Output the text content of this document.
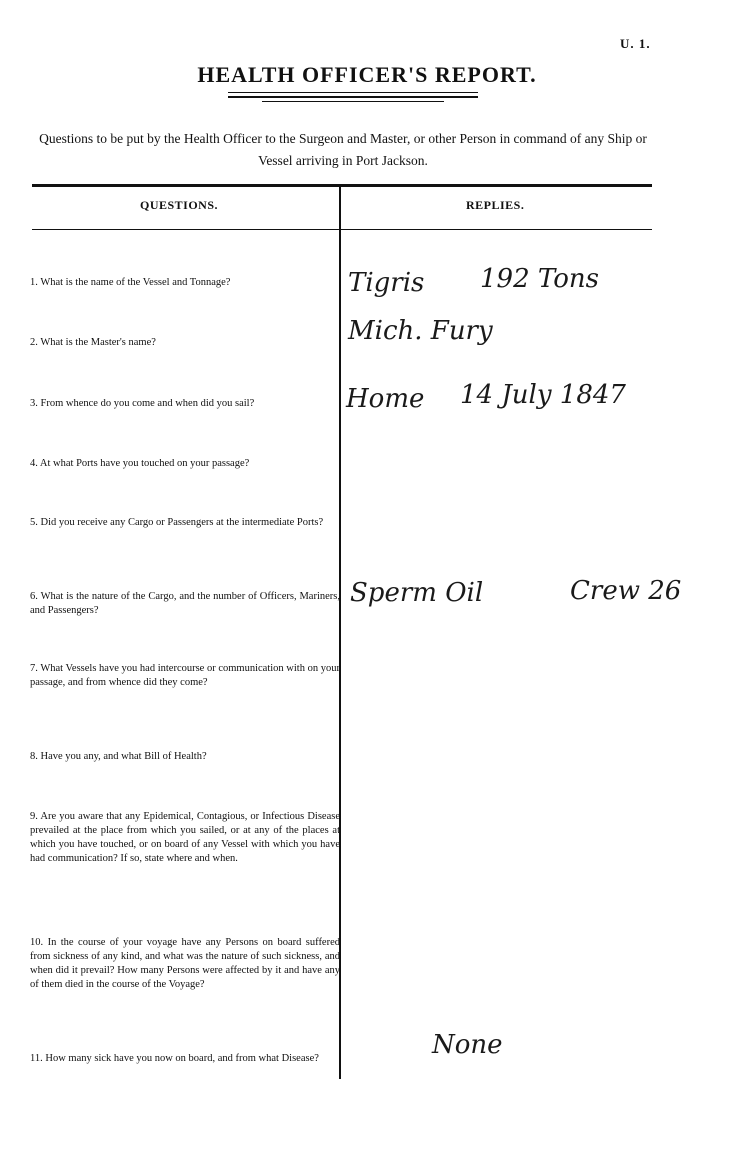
U. 1.
HEALTH OFFICER'S REPORT.
Questions to be put by the Health Officer to the Surgeon and Master, or other Person in command of any Ship or Vessel arriving in Port Jackson.
QUESTIONS.	REPLIES.
1. What is the name of the Vessel and Tonnage?
2. What is the Master's name?
3. From whence do you come and when did you sail?
4. At what Ports have you touched on your passage?
5. Did you receive any Cargo or Passengers at the intermediate Ports?
6. What is the nature of the Cargo, and the number of Officers, Mariners, and Passengers?
7. What Vessels have you had intercourse or communication with on your passage, and from whence did they come?
8. Have you any, and what Bill of Health?
9. Are you aware that any Epidemical, Contagious, or Infectious Disease prevailed at the place from which you sailed, or at any of the places at which you have touched, or on board of any Vessel with which you have had communication? If so, state where and when.
10. In the course of your voyage have any Persons on board suffered from sickness of any kind, and what was the nature of such sickness, and when did it prevail? How many Persons were affected by it and have any of them died in the course of the Voyage?
11. How many sick have you now on board, and from what Disease?
Tigris 192 Tons
Mich. Fury
Home 14 July 1847
Sperm Oil	Crew 26
None
